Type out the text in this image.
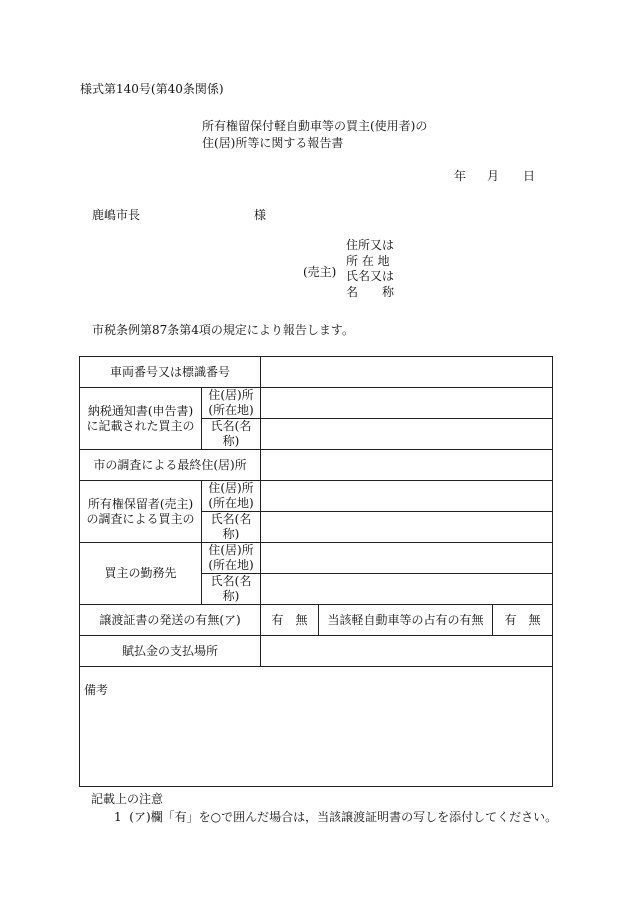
様式第140号(第40条関係)
所有権留保付軽自動車等の買主(使用者)の
住(居)所等に関する報告書
年 月 日
鹿嶋市長	様
(売主)
住所又は
所 在 地
氏名又は
名　　称
市税条例第87条第4項の規定により報告します。
車両番号又は標識番号				
納税通知書(申告書)に記載された買主の	住(居)所(所在地)			
	氏名(名称)			
市の調査による最終住(居)所				
所有権保留者(売主)の調査による買主の	住(居)所(所在地)			
	氏名(名称)			
買主の勤務先	住(居)所(所在地)			
	氏名(名称)			
譲渡証書の発送の有無(ア)		有　無	当該軽自動車等の占有の有無	有　無
賦払金の支払場所				
備考				
記載上の注意
1 (ア)欄「有」を○で囲んだ場合は，当該譲渡証明書の写しを添付してください。
